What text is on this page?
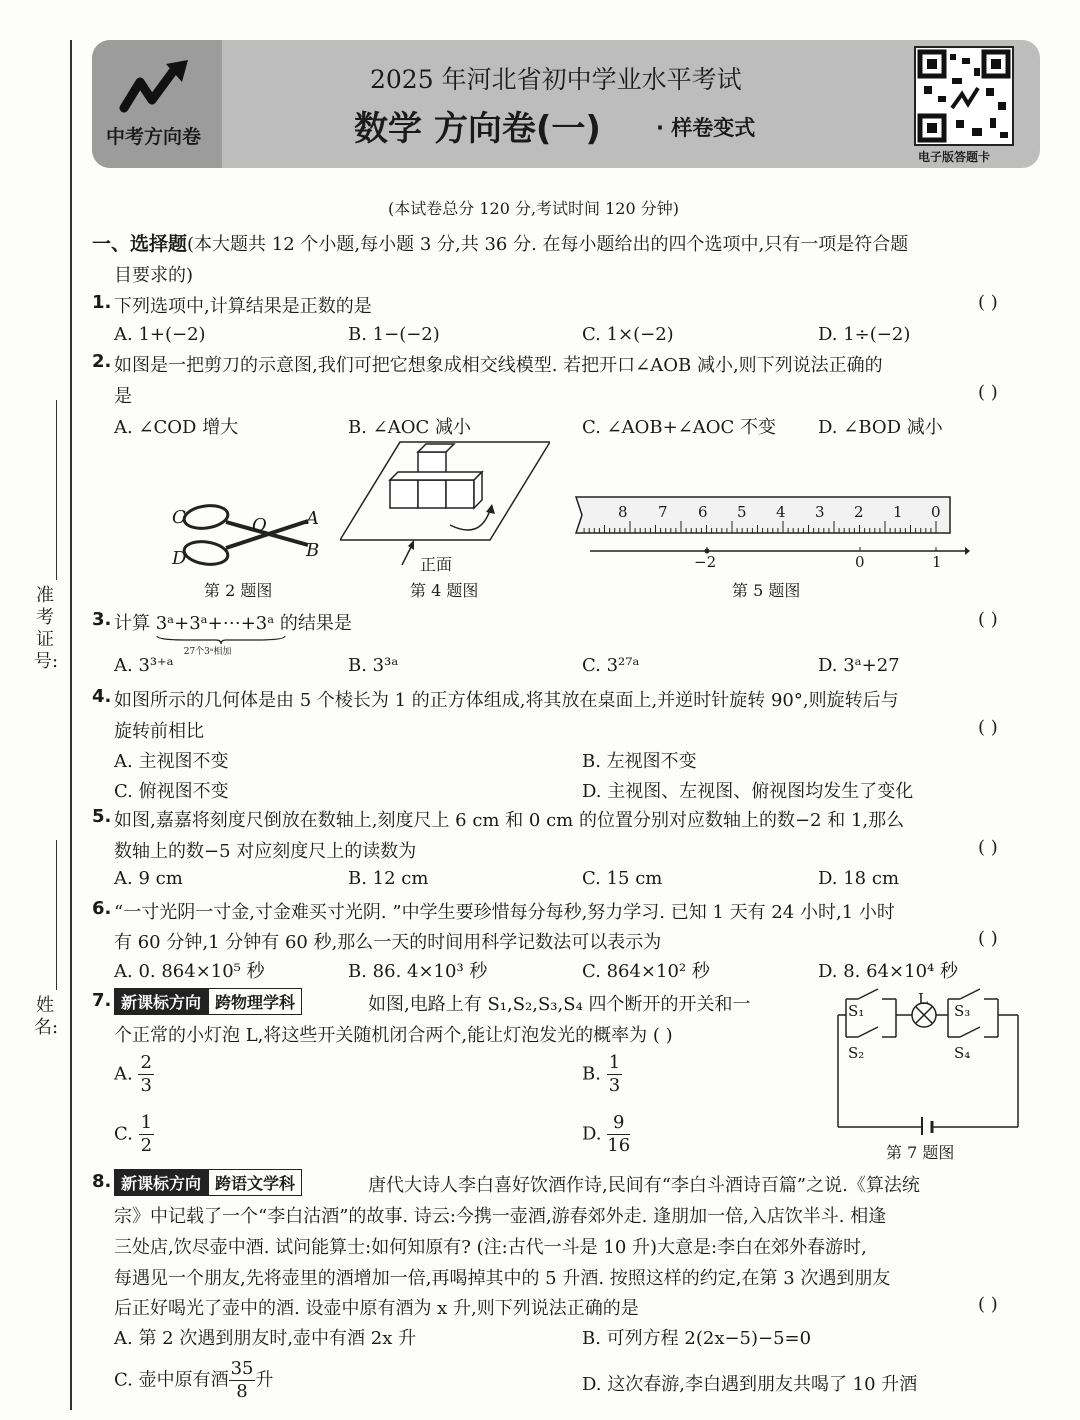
准考证号:
姓名:
中考方向卷
2025 年河北省初中学业水平考试
数学 方向卷(一)	· 样卷变式
电子版答题卡
(本试卷总分 120 分,考试时间 120 分钟)
一、选择题(本大题共 12 个小题,每小题 3 分,共 36 分. 在每小题给出的四个选项中,只有一项是符合题
目要求的)
1. 下列选项中,计算结果是正数的是	( )
A. 1+(−2)	B. 1−(−2)	C. 1×(−2)	D. 1÷(−2)
2. 如图是一把剪刀的示意图,我们可把它想象成相交线模型. 若把开口∠AOB 减小,则下列说法正确的
是	( )
A. ∠COD 增大	B. ∠AOC 减小	C. ∠AOB+∠AOC 不变 D. ∠BOD 减小
C	O A
D	B
第 2 题图
正面
第 4 题图
8 7 6 5 4 3 2 1 0
−2	0	1
第 5 题图
3. 计算 3ᵃ+3ᵃ+⋯+3ᵃ
27个3ᵃ相加
的结果是	( )
A. 3³⁺ᵃ	B. 3³ᵃ	C. 3²⁷ᵃ	D. 3ᵃ+27
4. 如图所示的几何体是由 5 个棱长为 1 的正方体组成,将其放在桌面上,并逆时针旋转 90°,则旋转后与
旋转前相比	( )
A. 主视图不变	B. 左视图不变
C. 俯视图不变	D. 主视图、左视图、俯视图均发生了变化
5. 如图,嘉嘉将刻度尺倒放在数轴上,刻度尺上 6 cm 和 0 cm 的位置分别对应数轴上的数−2 和 1,那么
数轴上的数−5 对应刻度尺上的读数为	( )
A. 9 cm	B. 12 cm	C. 15 cm	D. 18 cm
6. “一寸光阴一寸金,寸金难买寸光阴. ”中学生要珍惜每分每秒,努力学习. 已知 1 天有 24 小时,1 小时
有 60 分钟,1 分钟有 60 秒,那么一天的时间用科学记数法可以表示为	( )
A. 0. 864×10⁵ 秒	B. 86. 4×10³ 秒	C. 864×10² 秒	D. 8. 64×10⁴ 秒
7. 新课标方向 跨物理学科	如图,电路上有 S₁,S₂,S₃,S₄ 四个断开的开关和一
个正常的小灯泡 L,将这些开关随机闭合两个,能让灯泡发光的概率为 ( )
A. $\frac{2}{3}$	B. $\frac{1}{3}$
C. $\frac{1}{2}$	D. $\frac{9}{16}$
S₁
L
S₃
S₂	S₄
第 7 题图
8. 新课标方向 跨语文学科	唐代大诗人李白喜好饮酒作诗,民间有“李白斗酒诗百篇”之说.《算法统
宗》中记载了一个“李白沽酒”的故事. 诗云:今携一壶酒,游春郊外走. 逢朋加一倍,入店饮半斗. 相逢
三处店,饮尽壶中酒. 试问能算士:如何知原有? (注:古代一斗是 10 升)大意是:李白在郊外春游时,
每遇见一个朋友,先将壶里的酒增加一倍,再喝掉其中的 5 升酒. 按照这样的约定,在第 3 次遇到朋友
后正好喝光了壶中的酒. 设壶中原有酒为 x 升,则下列说法正确的是	( )
A. 第 2 次遇到朋友时,壶中有酒 2x 升	B. 可列方程 2(2x−5)−5=0
C. 壶中原有酒 $\frac{35}{8}$ 升	D. 这次春游,李白遇到朋友共喝了 10 升酒
